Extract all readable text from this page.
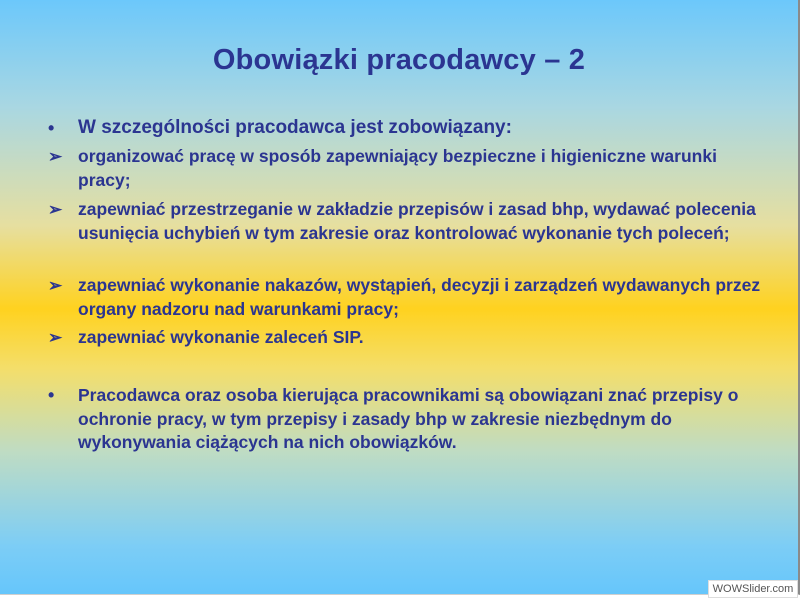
Obowiązki pracodawcy – 2
• W szczególności pracodawca jest zobowiązany:
➢ organizować pracę w sposób zapewniający bezpieczne i higieniczne warunki pracy;
➢ zapewniać przestrzeganie w zakładzie przepisów i zasad bhp, wydawać polecenia usunięcia uchybień w tym zakresie oraz kontrolować wykonanie tych poleceń;
➢ zapewniać wykonanie nakazów, wystąpień, decyzji i zarządzeń wydawanych przez organy nadzoru nad warunkami pracy;
➢ zapewniać wykonanie zaleceń SIP.
• Pracodawca oraz osoba kierująca pracownikami są obowiązani znać przepisy o ochronie pracy, w tym przepisy i zasady bhp w zakresie niezbędnym do wykonywania ciążących na nich obowiązków.
WOWSlider.com
